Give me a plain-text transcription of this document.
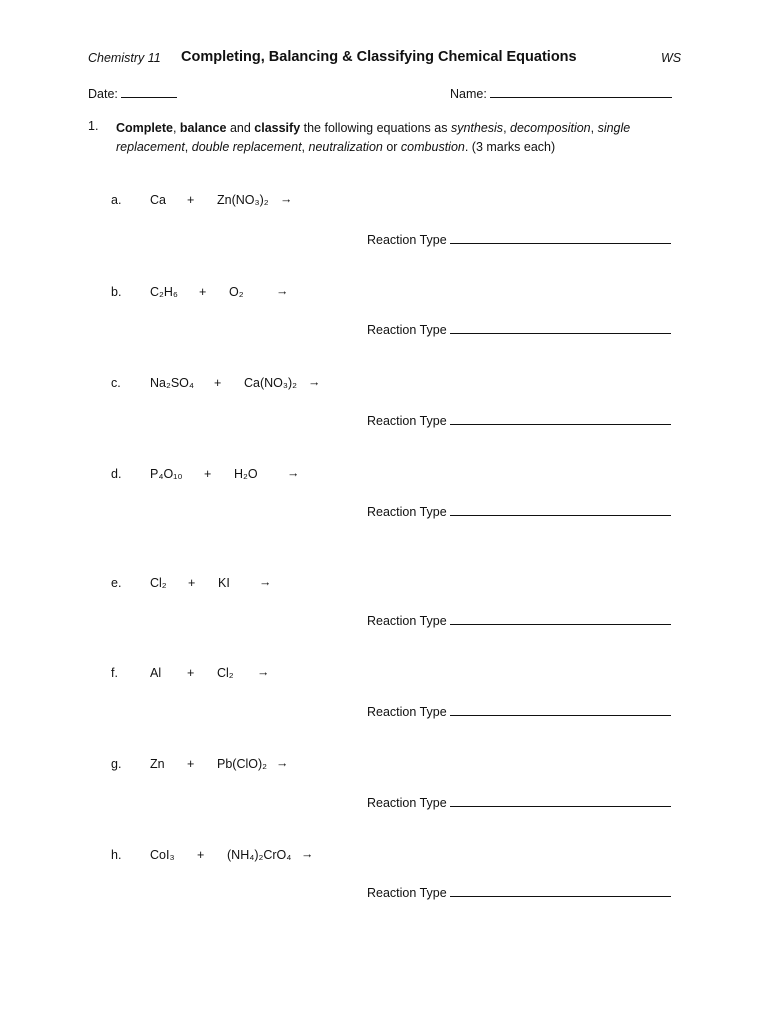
Chemistry 11 Completing, Balancing & Classifying Chemical Equations	WS
Date:	Name:
1. Complete, balance and classify the following equations as synthesis, decomposition, single replacement, double replacement, neutralization or combustion. (3 marks each)
a. Ca + Zn(NO₃)₂ →
Reaction Type
b. C₂H₆ + O₂	→
Reaction Type
c. Na₂SO₄ + Ca(NO₃)₂ →
Reaction Type
d. P₄O₁₀ + H₂O →
Reaction Type
e. Cl₂ + KI →
Reaction Type
f.	Al + Cl₂ →
Reaction Type
g. Zn + Pb(ClO)₂ →
Reaction Type
h. CoI₃ + (NH₄)₂CrO₄ →
Reaction Type
